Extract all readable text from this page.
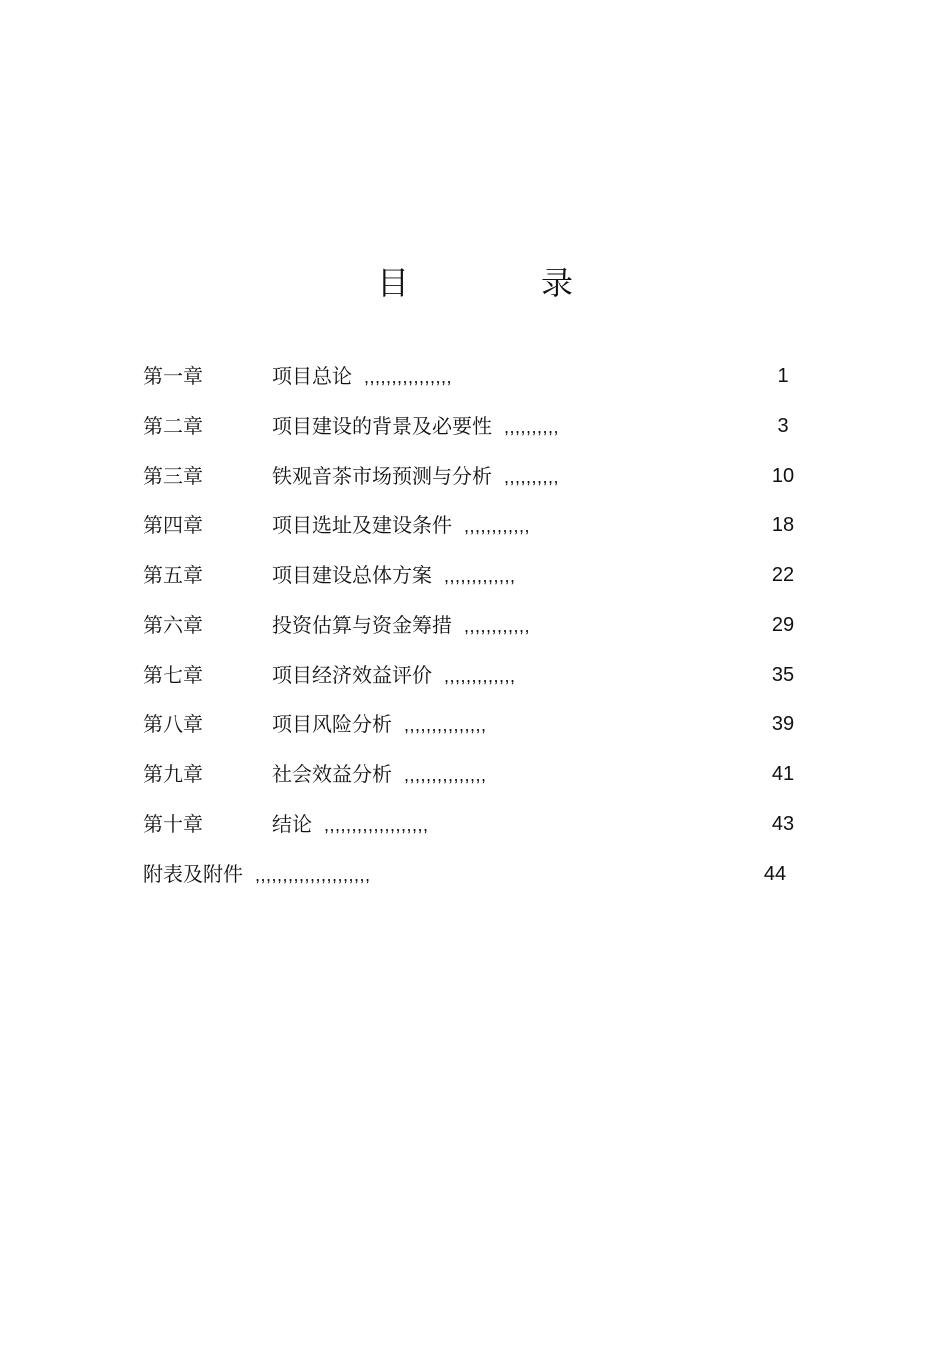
目　录
第一章	项目总论 ,,,,,,,,,,,,,,,,	1
第二章	项目建设的背景及必要性 ,,,,,,,,,,	3
第三章	铁观音茶市场预测与分析 ,,,,,,,,,,	10
第四章	项目选址及建设条件 ,,,,,,,,,,,,	18
第五章	项目建设总体方案 ,,,,,,,,,,,,,	22
第六章	投资估算与资金筹措 ,,,,,,,,,,,,	29
第七章	项目经济效益评价 ,,,,,,,,,,,,,	35
第八章	项目风险分析 ,,,,,,,,,,,,,,,	39
第九章	社会效益分析 ,,,,,,,,,,,,,,,	41
第十章	结论 ,,,,,,,,,,,,,,,,,,,	43
附表及附件 ,,,,,,,,,,,,,,,,,,,,,	44
